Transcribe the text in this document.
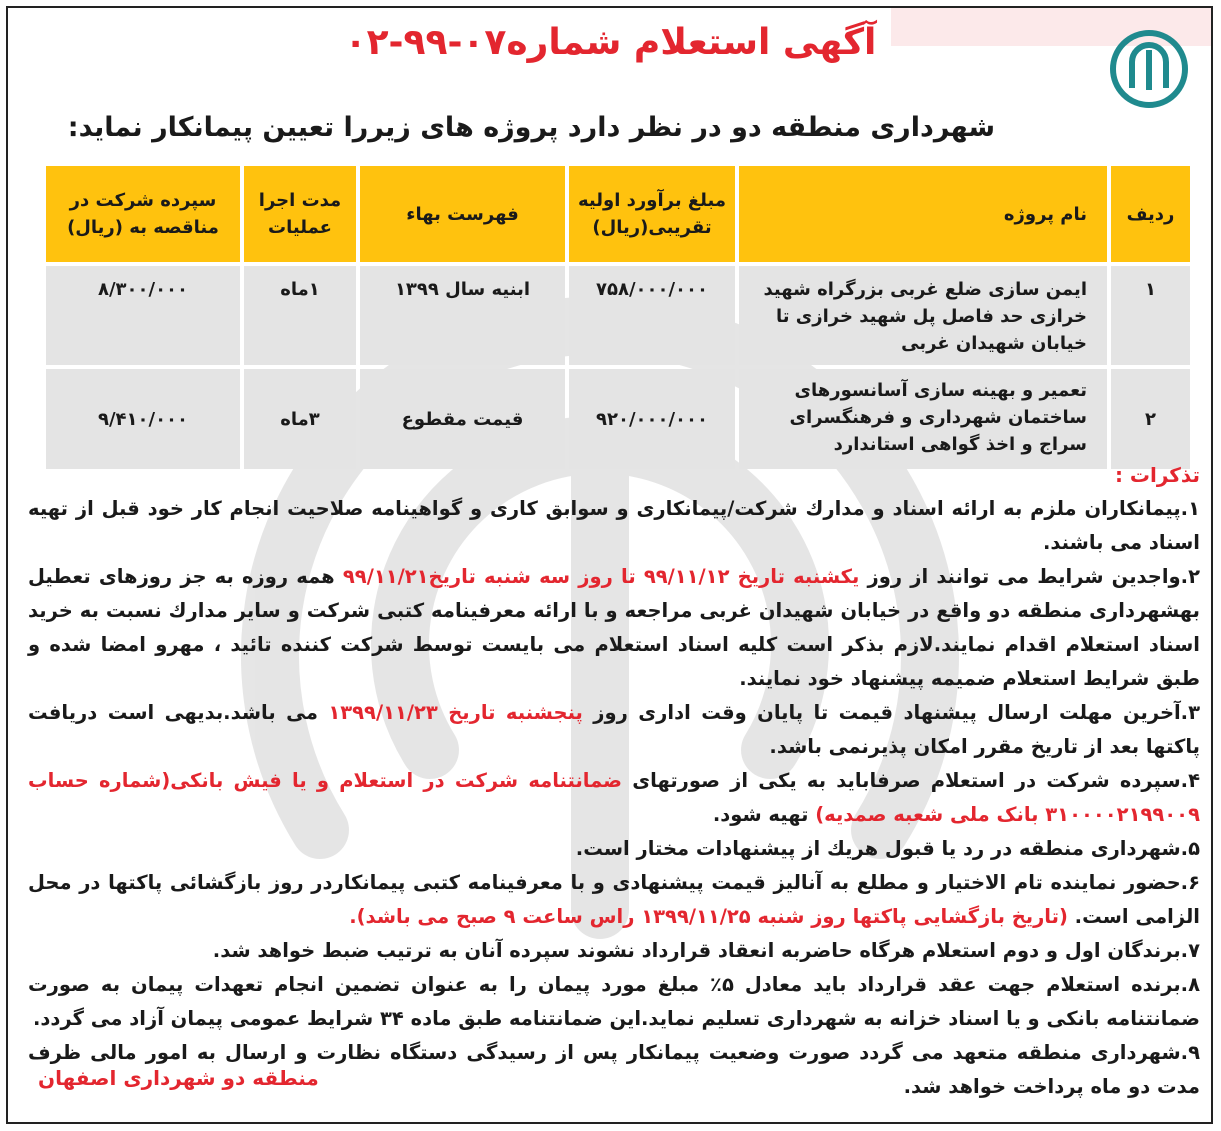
آگهی استعلام شماره۰۷-۹۹-۰۲
شهرداری منطقه دو در نظر دارد پروژه های زیررا تعیین پیمانکار نماید:
ردیف	نام پروژه	مبلغ برآورد اولیه تقریبی(ریال)	فهرست بهاء	مدت اجرا عملیات	سپرده شرکت در مناقصه به (ریال)
۱	ایمن سازی ضلع غربی بزرگراه شهید خرازی حد فاصل پل شهید خرازی تا خیابان شهیدان غربی	۷۵۸/۰۰۰/۰۰۰	ابنیه سال ۱۳۹۹	۱ماه	۸/۳۰۰/۰۰۰
۲	تعمیر و بهینه سازی آسانسورهای ساختمان شهرداری و فرهنگسرای سراج و اخذ گواهی استاندارد	۹۲۰/۰۰۰/۰۰۰	قیمت مقطوع	۳ماه	۹/۴۱۰/۰۰۰

تذکرات :

۱.پیمانکاران ملزم به ارائه اسناد و مدارك شرکت/پیمانکاری و سوابق کاری و گواهینامه صلاحیت انجام کار خود قبل از تهیه اسناد می باشند.

۲.واجدین شرایط می توانند از روز یکشنبه تاریخ ۹۹/۱۱/۱۲ تا روز سه شنبه تاریخ۹۹/۱۱/۲۱ همه روزه به جز روزهای تعطیل بهشهرداری منطقه دو واقع در خیابان شهیدان غربی مراجعه و با ارائه معرفینامه کتبی شرکت و سایر مدارك نسبت به خرید اسناد استعلام اقدام نمایند.لازم بذکر است کلیه اسناد استعلام می بایست توسط شرکت کننده تائید ، مهرو امضا شده و طبق شرایط استعلام ضمیمه پیشنهاد خود نمایند.

۳.آخرین مهلت ارسال پیشنهاد قیمت تا پایان وقت اداری روز پنجشنبه تاریخ ۱۳۹۹/۱۱/۲۳ می باشد.بدیهی است دریافت پاکتها بعد از تاریخ مقرر امکان پذیرنمی باشد.

۴.سپرده شرکت در استعلام صرفاباید به یکی از صورتهای ضمانتنامه شرکت در استعلام و یا فیش بانکی(شماره حساب ۳۱۰۰۰۰۲۱۹۹۰۰۹ بانک ملی شعبه صمدیه) تهیه شود.

۵.شهرداری منطقه در رد یا قبول هریك از پیشنهادات مختار است.

۶.حضور نماینده تام الاختیار و مطلع به آنالیز قیمت پیشنهادی و با معرفینامه کتبی پیمانکاردر روز بازگشائی پاکتها در محل الزامی است. (تاریخ بازگشایی پاکتها روز شنبه ۱۳۹۹/۱۱/۲۵ راس ساعت ۹ صبح می باشد).

۷.برندگان اول و دوم استعلام هرگاه حاضربه انعقاد قرارداد نشوند سپرده آنان به ترتیب ضبط خواهد شد.

۸.برنده استعلام جهت عقد قرارداد باید معادل ۵٪ مبلغ مورد پیمان را به عنوان تضمین انجام تعهدات پیمان به صورت ضمانتنامه بانکی و یا اسناد خزانه به شهرداری تسلیم نماید.این ضمانتنامه طبق ماده ۳۴ شرایط عمومی پیمان آزاد می گردد.

۹.شهرداری منطقه متعهد می گردد صورت وضعیت پیمانکار پس از رسیدگی دستگاه نظارت و ارسال به امور مالی ظرف مدت دو ماه پرداخت خواهد شد.

منطقه دو شهرداری اصفهان
